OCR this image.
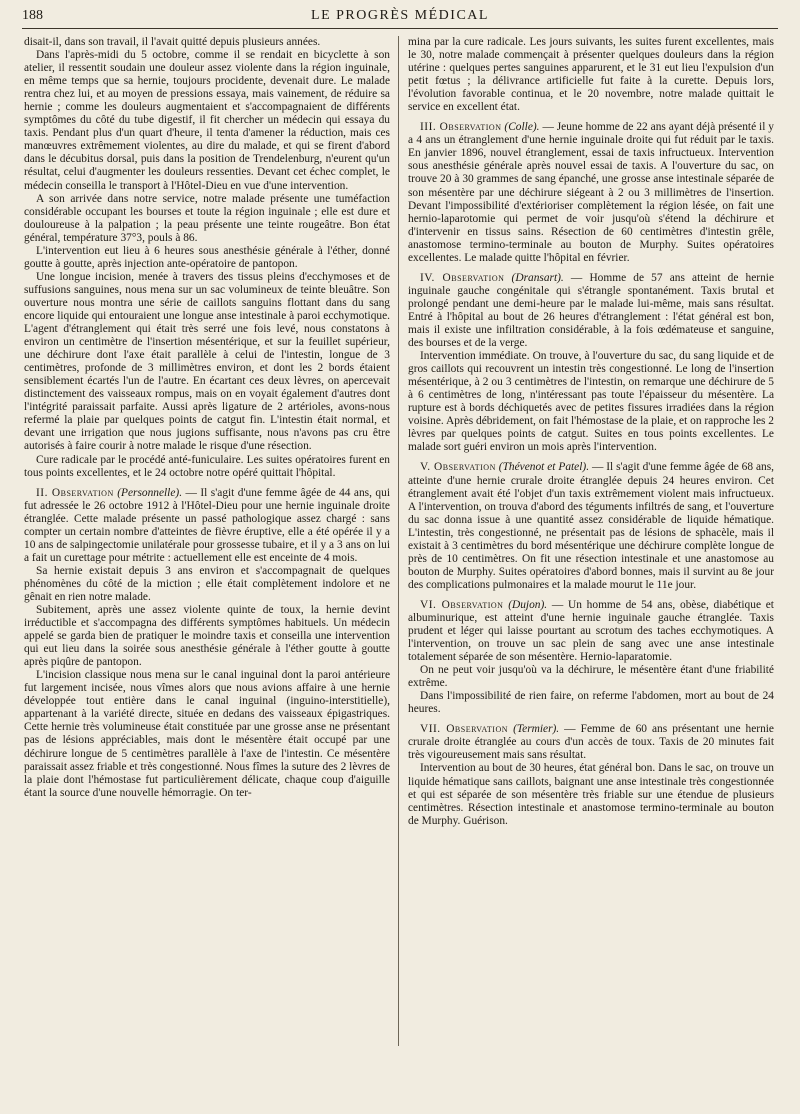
188	LE PROGRÈS MÉDICAL

disait-il, dans son travail, il l'avait quitté depuis plusieurs années.

Dans l'après-midi du 5 octobre, comme il se rendait en bicyclette à son atelier, il ressentit soudain une douleur assez violente dans la région inguinale, en même temps que sa hernie, toujours procidente, devenait dure. Le malade rentra chez lui, et au moyen de pressions essaya, mais vainement, de réduire sa hernie ; comme les douleurs augmentaient et s'accompagnaient de différents symptômes du côté du tube digestif, il fit chercher un médecin qui essaya du taxis. Pendant plus d'un quart d'heure, il tenta d'amener la réduction, mais ces manœuvres extrêmement violentes, au dire du malade, et qui se firent d'abord dans le décubitus dorsal, puis dans la position de Trendelenburg, n'eurent qu'un résultat, celui d'augmenter les douleurs ressenties. Devant cet échec complet, le médecin conseilla le transport à l'Hôtel-Dieu en vue d'une intervention.

A son arrivée dans notre service, notre malade présente une tuméfaction considérable occupant les bourses et toute la région inguinale ; elle est dure et douloureuse à la palpation ; la peau présente une teinte rougeâtre. Bon état général, température 37°3, pouls à 86.

L'intervention eut lieu à 6 heures sous anesthésie générale à l'éther, donné goutte à goutte, après injection ante-opératoire de pantopon.

Une longue incision, menée à travers des tissus pleins d'ecchymoses et de suffusions sanguines, nous mena sur un sac volumineux de teinte bleuâtre. Son ouverture nous montra une série de caillots sanguins flottant dans du sang encore liquide qui entouraient une longue anse intestinale à paroi ecchymotique. L'agent d'étranglement qui était très serré une fois levé, nous constatons à environ un centimètre de l'insertion mésentérique, et sur la feuillet supérieur, une déchirure dont l'axe était parallèle à celui de l'intestin, longue de 3 centimètres, profonde de 3 millimètres environ, et dont les 2 bords étaient sensiblement écartés l'un de l'autre. En écartant ces deux lèvres, on apercevait distinctement des vaisseaux rompus, mais on en voyait également d'autres dont l'intégrité paraissait parfaite. Aussi après ligature de 2 artérioles, avons-nous refermé la plaie par quelques points de catgut fin. L'intestin était normal, et devant une irrigation que nous jugions suffisante, nous n'avons pas cru être autorisés à faire courir à notre malade le risque d'une résection.

Cure radicale par le procédé anté-funiculaire. Les suites opératoires furent en tous points excellentes, et le 24 octobre notre opéré quittait l'hôpital.

II. Observation (Personnelle). — Il s'agit d'une femme âgée de 44 ans, qui fut adressée le 26 octobre 1912 à l'Hôtel-Dieu pour une hernie inguinale droite étranglée. Cette malade présente un passé pathologique assez chargé : sans compter un certain nombre d'atteintes de fièvre éruptive, elle a été opérée il y a 10 ans de salpingectomie unilatérale pour grossesse tubaire, et il y a 3 ans on lui a fait un curettage pour métrite : actuellement elle est enceinte de 4 mois.

Sa hernie existait depuis 3 ans environ et s'accompagnait de quelques phénomènes du côté de la miction ; elle était complètement indolore et ne gênait en rien notre malade.

Subitement, après une assez violente quinte de toux, la hernie devint irréductible et s'accompagna des différents symptômes habituels. Un médecin appelé se garda bien de pratiquer le moindre taxis et conseilla une intervention qui eut lieu dans la soirée sous anesthésie générale à l'éther goutte à goutte après piqûre de pantopon.

L'incision classique nous mena sur le canal inguinal dont la paroi antérieure fut largement incisée, nous vîmes alors que nous avions affaire à une hernie développée tout entière dans le canal inguinal (inguino-interstitielle), appartenant à la variété directe, située en dedans des vaisseaux épigastriques. Cette hernie très volumineuse était constituée par une grosse anse ne présentant pas de lésions appréciables, mais dont le mésentère était occupé par une déchirure longue de 5 centimètres parallèle à l'axe de l'intestin. Ce mésentère paraissait assez friable et très congestionné. Nous fîmes la suture des 2 lèvres de la plaie dont l'hémostase fut particulièrement délicate, chaque coup d'aiguille étant la source d'une nouvelle hémorragie. On ter-

mina par la cure radicale. Les jours suivants, les suites furent excellentes, mais le 30, notre malade commençait à présenter quelques douleurs dans la région utérine : quelques pertes sanguines apparurent, et le 31 eut lieu l'expulsion d'un petit fœtus ; la délivrance artificielle fut faite à la curette. Depuis lors, l'évolution favorable continua, et le 20 novembre, notre malade quittait le service en excellent état.

III. Observation (Colle). — Jeune homme de 22 ans ayant déjà présenté il y a 4 ans un étranglement d'une hernie inguinale droite qui fut réduit par le taxis. En janvier 1896, nouvel étranglement, essai de taxis infructueux. Intervention sous anesthésie générale après nouvel essai de taxis. A l'ouverture du sac, on trouve 20 à 30 grammes de sang épanché, une grosse anse intestinale séparée de son mésentère par une déchirure siégeant à 2 ou 3 millimètres de l'insertion. Devant l'impossibilité d'extérioriser complètement la région lésée, on fait une hernio-laparotomie qui permet de voir jusqu'où s'étend la déchirure et d'intervenir en tissus sains. Résection de 60 centimètres d'intestin grêle, anastomose termino-terminale au bouton de Murphy. Suites opératoires excellentes. Le malade quitte l'hôpital en février.

IV. Observation (Dransart). — Homme de 57 ans atteint de hernie inguinale gauche congénitale qui s'étrangle spontanément. Taxis brutal et prolongé pendant une demi-heure par le malade lui-même, mais sans résultat. Entré à l'hôpital au bout de 26 heures d'étranglement : l'état général est bon, mais il existe une infiltration considérable, à la fois œdémateuse et sanguine, des bourses et de la verge.

Intervention immédiate. On trouve, à l'ouverture du sac, du sang liquide et de gros caillots qui recouvrent un intestin très congestionné. Le long de l'insertion mésentérique, à 2 ou 3 centimètres de l'intestin, on remarque une déchirure de 5 à 6 centimètres de long, n'intéressant pas toute l'épaisseur du mésentère. La rupture est à bords déchiquetés avec de petites fissures irradiées dans la région voisine. Après débridement, on fait l'hémostase de la plaie, et on rapproche les 2 lèvres par quelques points de catgut. Suites en tous points excellentes. Le malade sort guéri environ un mois après l'intervention.

V. Observation (Thévenot et Patel). — Il s'agit d'une femme âgée de 68 ans, atteinte d'une hernie crurale droite étranglée depuis 24 heures environ. Cet étranglement avait été l'objet d'un taxis extrêmement violent mais infructueux. A l'intervention, on trouva d'abord des téguments infiltrés de sang, et l'ouverture du sac donna issue à une quantité assez considérable de liquide hématique. L'intestin, très congestionné, ne présentait pas de lésions de sphacèle, mais il existait à 3 centimètres du bord mésentérique une déchirure complète longue de près de 10 centimètres. On fit une résection intestinale et une anastomose au bouton de Murphy. Suites opératoires d'abord bonnes, mais il survint au 8e jour des complications pulmonaires et la malade mourut le 11e jour.

VI. Observation (Dujon). — Un homme de 54 ans, obèse, diabétique et albuminurique, est atteint d'une hernie inguinale gauche étranglée. Taxis prudent et léger qui laisse pourtant au scrotum des taches ecchymotiques. A l'intervention, on trouve un sac plein de sang avec une anse intestinale totalement séparée de son mésentère. Hernio-laparatomie.

On ne peut voir jusqu'où va la déchirure, le mésentère étant d'une friabilité extrême.

Dans l'impossibilité de rien faire, on referme l'abdomen, mort au bout de 24 heures.

VII. Observation (Termier). — Femme de 60 ans présentant une hernie crurale droite étranglée au cours d'un accès de toux. Taxis de 20 minutes fait très vigoureusement mais sans résultat.

Intervention au bout de 30 heures, état général bon. Dans le sac, on trouve un liquide hématique sans caillots, baignant une anse intestinale très congestionnée et qui est séparée de son mésentère très friable sur une étendue de plusieurs centimètres. Résection intestinale et anastomose termino-terminale au bouton de Murphy. Guérison.
